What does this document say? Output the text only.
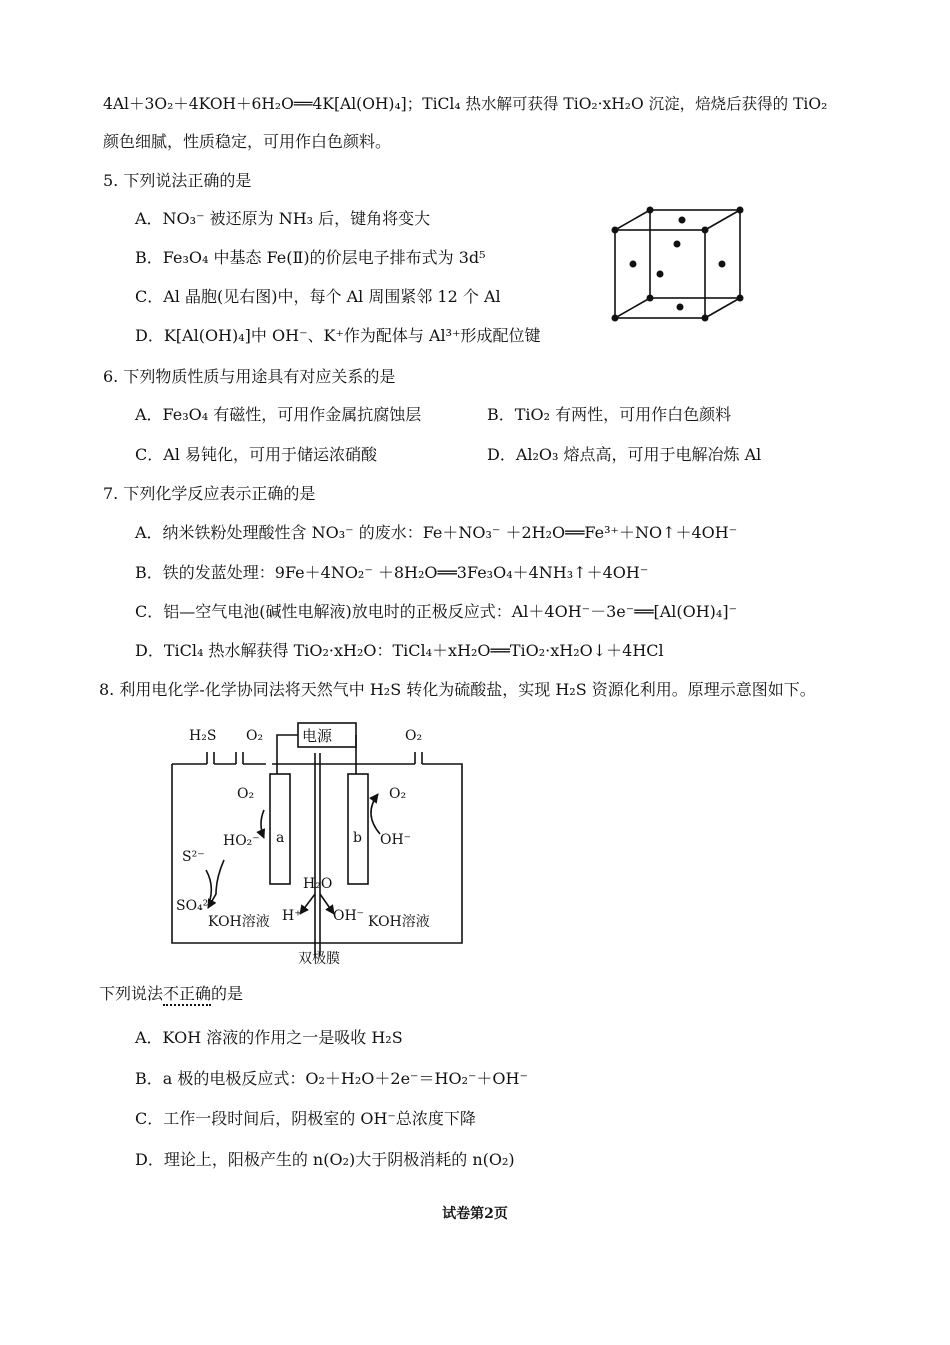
4Al＋3O₂＋4KOH＋6H₂O══4K[Al(OH)₄]；TiCl₄ 热水解可获得 TiO₂·xH₂O 沉淀，焙烧后获得的 TiO₂
颜色细腻，性质稳定，可用作白色颜料。
5. 下列说法正确的是
A．NO₃⁻ 被还原为 NH₃ 后，键角将变大
B．Fe₃O₄ 中基态 Fe(Ⅱ)的价层电子排布式为 3d⁵
C．Al 晶胞(见右图)中，每个 Al 周围紧邻 12 个 Al
D．K[Al(OH)₄]中 OH⁻、K⁺作为配体与 Al³⁺形成配位键
6. 下列物质性质与用途具有对应关系的是
A．Fe₃O₄ 有磁性，可用作金属抗腐蚀层	B．TiO₂ 有两性，可用作白色颜料
C．Al 易钝化，可用于储运浓硝酸	D．Al₂O₃ 熔点高，可用于电解冶炼 Al
7. 下列化学反应表示正确的是
A．纳米铁粉处理酸性含 NO₃⁻ 的废水：Fe＋NO₃⁻ ＋2H₂O══Fe³⁺＋NO↑＋4OH⁻
B．铁的发蓝处理：9Fe＋4NO₂⁻ ＋8H₂O══3Fe₃O₄＋4NH₃↑＋4OH⁻
C．铝—空气电池(碱性电解液)放电时的正极反应式：Al＋4OH⁻－3e⁻══[Al(OH)₄]⁻
D．TiCl₄ 热水解获得 TiO₂·xH₂O：TiCl₄＋xH₂O══TiO₂·xH₂O↓＋4HCl
8. 利用电化学-化学协同法将天然气中 H₂S 转化为硫酸盐，实现 H₂S 资源化利用。原理示意图如下。
H₂S O₂	电源	O₂
O₂
HO₂⁻ a	b
O₂
OH⁻
S²⁻
SO₄²⁻
KOH溶液 H⁺
H₂O
OH⁻ KOH溶液
双极膜
下列说法不正确的是
A．KOH 溶液的作用之一是吸收 H₂S
B．a 极的电极反应式：O₂＋H₂O＋2e⁻＝HO₂⁻＋OH⁻
C．工作一段时间后，阴极室的 OH⁻总浓度下降
D．理论上，阳极产生的 n(O₂)大于阴极消耗的 n(O₂)
试卷第2页
